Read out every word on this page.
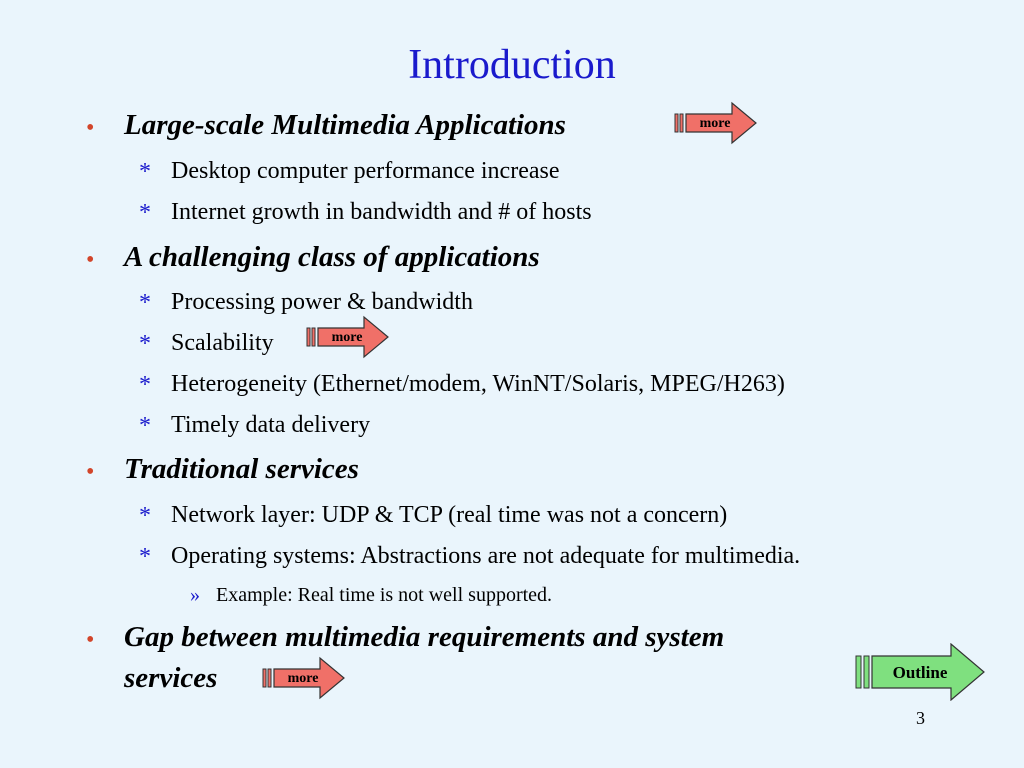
Introduction
• Large-scale Multimedia Applications	more
* Desktop computer performance increase
* Internet growth in bandwidth and # of hosts
• A challenging class of applications
* Processing power & bandwidth
* Scalability	more
* Heterogeneity (Ethernet/modem, WinNT/Solaris, MPEG/H263)
* Timely data delivery
• Traditional services
* Network layer: UDP & TCP (real time was not a concern)
* Operating systems: Abstractions are not adequate for multimedia.
» Example: Real time is not well supported.
• Gap between multimedia requirements and system
services	more	Outline
3
